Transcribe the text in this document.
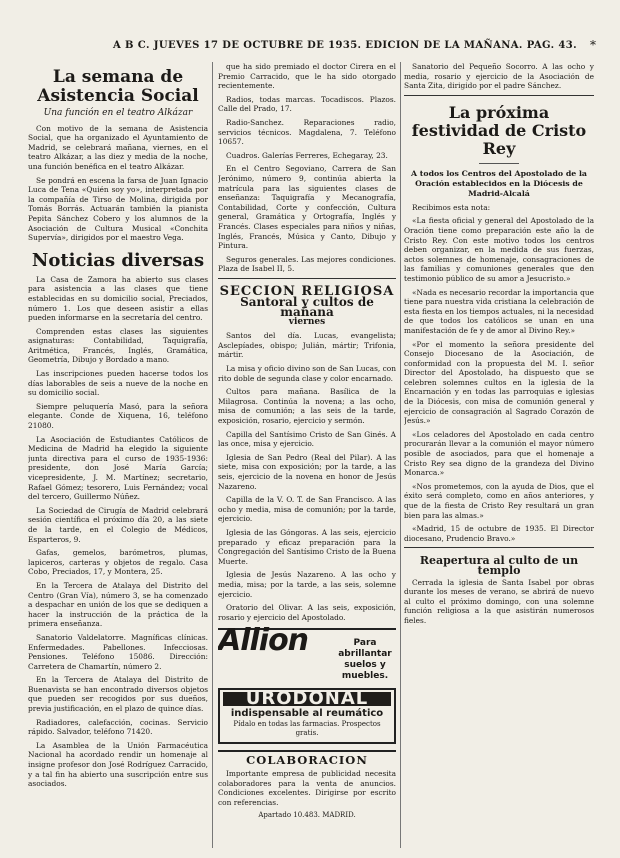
A B C. JUEVES 17 DE OCTUBRE DE 1935. EDICION DE LA MAÑANA. PAG. 43. *
La semana de Asistencia Social
Una función en el teatro Alkázar

Con motivo de la semana de Asistencia Social, que ha organizado el Ayuntamiento de Madrid, se celebrará mañana, viernes, en el teatro Alkázar, a las diez y media de la noche, una función benéfica en el teatro Alkázar.

Se pondrá en escena la farsa de Juan Ignacio Luca de Tena «Quién soy yo», interpretada por la compañía de Tirso de Molina, dirigida por Tomás Borrás. Actuarán también la pianista Pepita Sánchez Cobero y los alumnos de la Asociación de Cultura Musical «Conchita Supervía», dirigidos por el maestro Vega.

Noticias diversas

La Casa de Zamora ha abierto sus clases para asistencia a las clases que tiene establecidas en su domicilio social, Preciados, número 1. Los que deseen asistir a ellas pueden informarse en la secretaría del centro.

Comprenden estas clases las siguientes asignaturas: Contabilidad, Taquigrafía, Aritmética, Francés, Inglés, Gramática, Geometría, Dibujo y Bordado a mano.

Las inscripciones pueden hacerse todos los días laborables de seis a nueve de la noche en su domicilio social.

Siempre peluquería Masó, para la señora elegante. Conde de Xiquena, 16, teléfono 21080.

La Asociación de Estudiantes Católicos de Medicina de Madrid ha elegido la siguiente junta directiva para el curso de 1935-1936: presidente, don José María García; vicepresidente, J. M. Martínez; secretario, Rafael Gómez; tesorero, Luis Fernández; vocal del tercero, Guillermo Núñez.

La Sociedad de Cirugía de Madrid celebrará sesión científica el próximo día 20, a las siete de la tarde, en el Colegio de Médicos, Esparteros, 9.

Gafas, gemelos, barómetros, plumas, lapiceros, carteras y objetos de regalo. Casa Cobo, Preciados, 17, y Montera, 25.

En la Tercera de Atalaya del Distrito del Centro (Gran Vía), número 3, se ha comenzado a despachar en unión de los que se dediquen a hacer la instrucción de la práctica de la primera enseñanza.

Sanatorio Valdelatorre. Magníficas clínicas. Enfermedades. Pabellones. Infecciosas. Pensiones. Teléfono 15086. Dirección: Carretera de Chamartín, número 2.

En la Tercera de Atalaya del Distrito de Buenavista se han encontrado diversos objetos que pueden ser recogidos por sus dueños, previa justificación, en el plazo de quince días.

Radiadores, calefacción, cocinas. Servicio rápido. Salvador, teléfono 71420.

La Asamblea de la Unión Farmacéutica Nacional ha acordado rendir un homenaje al insigne profesor don José Rodríguez Carracido, y a tal fin ha abierto una suscripción entre sus asociados.

que ha sido premiado el doctor Cirera en el Premio Carracido, que le ha sido otorgado recientemente.

Radios, todas marcas. Tocadiscos. Plazos. Calle del Prado, 17.

Radio-Sanchez. Reparaciones radio, servicios técnicos. Magdalena, 7. Teléfono 10657.

Cuadros. Galerías Ferreres, Echegaray, 23.

En el Centro Segoviano, Carrera de San Jerónimo, número 9, continúa abierta la matrícula para las siguientes clases de enseñanza: Taquigrafía y Mecanografía, Contabilidad, Corte y confección, Cultura general, Gramática y Ortografía, Inglés y Francés. Clases especiales para niños y niñas, Inglés, Francés, Música y Canto, Dibujo y Pintura.

Seguros generales. Las mejores condiciones. Plaza de Isabel II, 5.

SECCION RELIGIOSA
Santoral y cultos de mañana
viernes

Santos del día. Lucas, evangelista; Asclepíades, obispo; Julián, mártir; Trifonia, mártir.

La misa y oficio divino son de San Lucas, con rito doble de segunda clase y color encarnado.

Cultos para mañana. Basílica de la Milagrosa. Continúa la novena; a las ocho, misa de comunión; a las seis de la tarde, exposición, rosario, ejercicio y sermón.

Capilla del Santísimo Cristo de San Ginés. A las once, misa y ejercicio.

Iglesia de San Pedro (Real del Pilar). A las siete, misa con exposición; por la tarde, a las seis, ejercicio de la novena en honor de Jesús Nazareno.

Capilla de la V. O. T. de San Francisco. A las ocho y media, misa de comunión; por la tarde, ejercicio.

Iglesia de las Góngoras. A las seis, ejercicio preparado y eficaz preparación para la Congregación del Santísimo Cristo de la Buena Muerte.

Iglesia de Jesús Nazareno. A las ocho y media, misa; por la tarde, a las seis, solemne ejercicio.

Oratorio del Olivar. A las seis, exposición, rosario y ejercicio del Apostolado.

Allion	Para abrillantar suelos y muebles.
URODONAL
indispensable al reumático
Pídalo en todas las farmacias. Prospectos gratis.
COLABORACION

Importante empresa de publicidad necesita colaboradores para la venta de anuncios. Condiciones excelentes. Dirigirse por escrito con referencias.

Apartado 10.483. MADRID.

Sanatorio del Pequeño Socorro. A las ocho y media, rosario y ejercicio de la Asociación de Santa Zita, dirigido por el padre Sánchez.

La próxima festividad de Cristo Rey
A todos los Centros del Apostolado de la Oración establecidos en la Diócesis de Madrid-Alcalá

Recibimos esta nota:

«La fiesta oficial y general del Apostolado de la Oración tiene como preparación este año la de Cristo Rey. Con este motivo todos los centros deben organizar, en la medida de sus fuerzas, actos solemnes de homenaje, consagraciones de las familias y comuniones generales que den testimonio público de su amor a Jesucristo.»

«Nada es necesario recordar la importancia que tiene para nuestra vida cristiana la celebración de esta fiesta en los tiempos actuales, ni la necesidad de que todos los católicos se unan en una manifestación de fe y de amor al Divino Rey.»

«Por el momento la señora presidente del Consejo Diocesano de la Asociación, de conformidad con la propuesta del M. I. señor Director del Apostolado, ha dispuesto que se celebren solemnes cultos en la iglesia de la Encarnación y en todas las parroquias e iglesias de la Diócesis, con misa de comunión general y ejercicio de consagración al Sagrado Corazón de Jesús.»

«Los celadores del Apostolado en cada centro procurarán llevar a la comunión el mayor número posible de asociados, para que el homenaje a Cristo Rey sea digno de la grandeza del Divino Monarca.»

«Nos prometemos, con la ayuda de Dios, que el éxito será completo, como en años anteriores, y que de la fiesta de Cristo Rey resultará un gran bien para las almas.»

«Madrid, 15 de octubre de 1935. El Director diocesano, Prudencio Bravo.»

Reapertura al culto de un templo

Cerrada la iglesia de Santa Isabel por obras durante los meses de verano, se abrirá de nuevo al culto el próximo domingo, con una solemne función religiosa a la que asistirán numerosos fieles.
